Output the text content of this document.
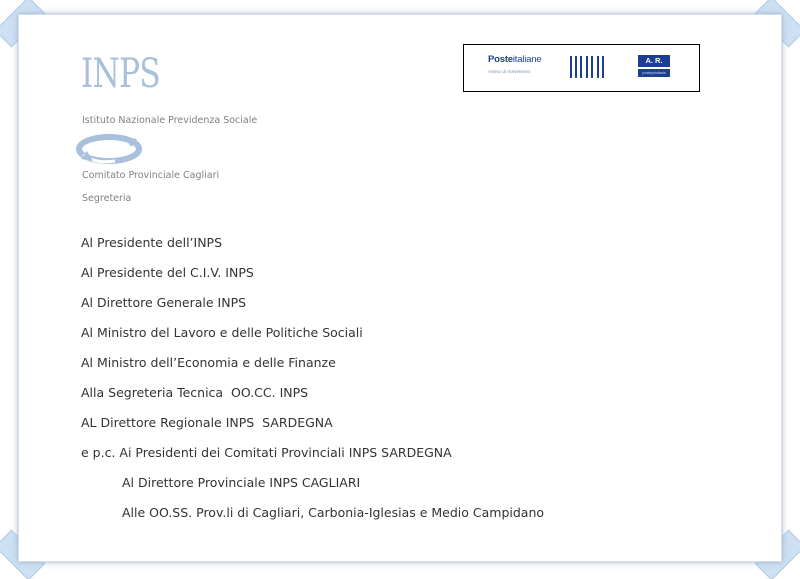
INPS
Istituto Nazionale Previdenza Sociale
Comitato Provinciale Cagliari
Segreteria
Posteitaliane
Avviso di ricevimento
A. R.
posteprioritaria
Al Presidente dell’INPS
Al Presidente del C.I.V. INPS
Al Direttore Generale INPS
Al Ministro del Lavoro e delle Politiche Sociali
Al Ministro dell’Economia e delle Finanze
Alla Segreteria Tecnica  OO.CC. INPS
AL Direttore Regionale INPS  SARDEGNA
e p.c. Ai Presidenti dei Comitati Provinciali INPS SARDEGNA
Al Direttore Provinciale INPS CAGLIARI
Alle OO.SS. Prov.li di Cagliari, Carbonia-Iglesias e Medio Campidano
